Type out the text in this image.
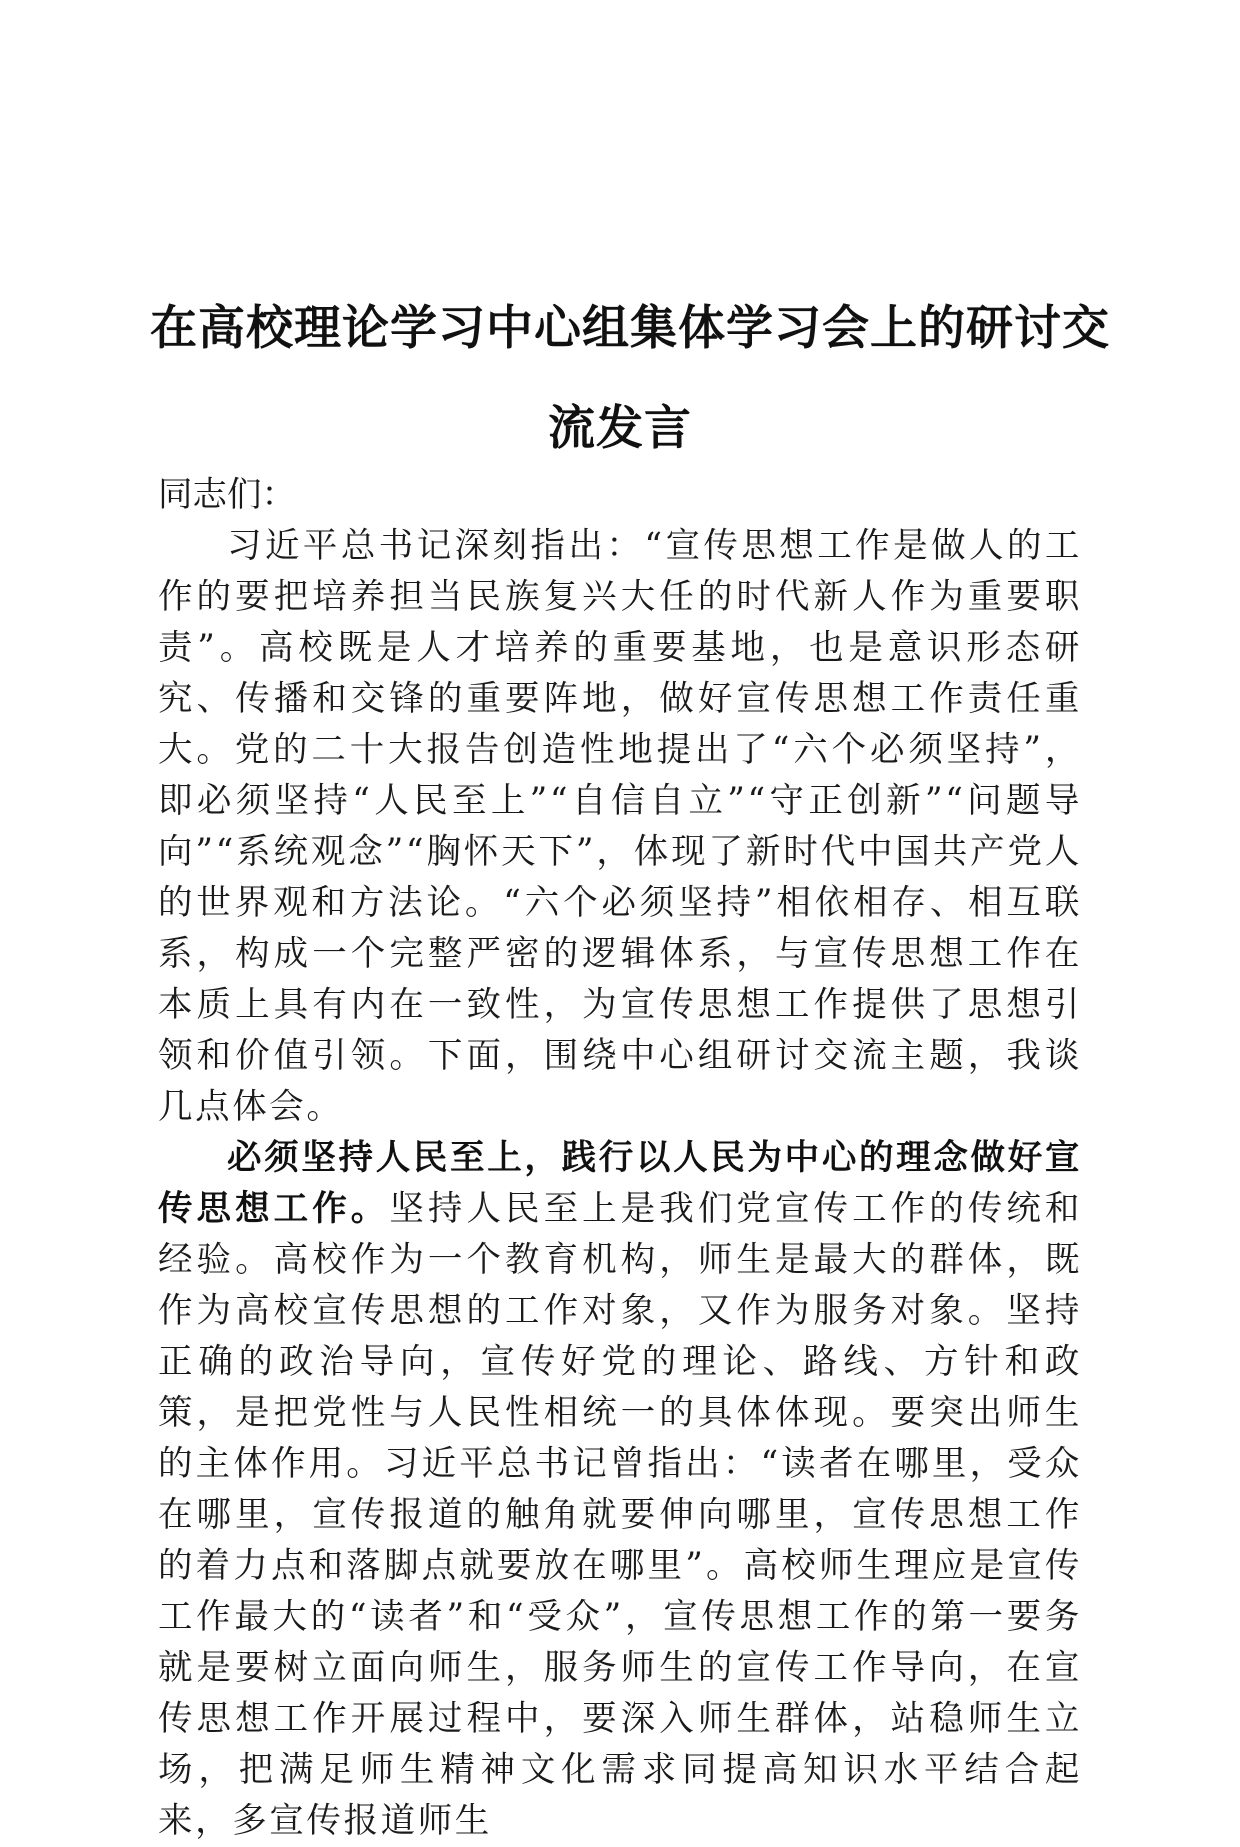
在高校理论学习中心组集体学习会上的研讨交
流发言

同志们：

习近平总书记深刻指出：“宣传思想工作是做人的工作的要把培养担当民族复兴大任的时代新人作为重要职责”。高校既是人才培养的重要基地，也是意识形态研究、传播和交锋的重要阵地，做好宣传思想工作责任重大。党的二十大报告创造性地提出了“六个必须坚持”，即必须坚持“人民至上”“自信自立”“守正创新”“问题导向”“系统观念”“胸怀天下”，体现了新时代中国共产党人的世界观和方法论。“六个必须坚持”相依相存、相互联系，构成一个完整严密的逻辑体系，与宣传思想工作在本质上具有内在一致性，为宣传思想工作提供了思想引领和价值引领。下面，围绕中心组研讨交流主题，我谈几点体会。

必须坚持人民至上，践行以人民为中心的理念做好宣传思想工作。坚持人民至上是我们党宣传工作的传统和经验。高校作为一个教育机构，师生是最大的群体，既作为高校宣传思想的工作对象，又作为服务对象。坚持正确的政治导向，宣传好党的理论、路线、方针和政策，是把党性与人民性相统一的具体体现。要突出师生的主体作用。习近平总书记曾指出：“读者在哪里，受众在哪里，宣传报道的触角就要伸向哪里，宣传思想工作的着力点和落脚点就要放在哪里”。高校师生理应是宣传工作最大的“读者”和“受众”，宣传思想工作的第一要务就是要树立面向师生，服务师生的宣传工作导向，在宣传思想工作开展过程中，要深入师生群体，站稳师生立场，把满足师生精神文化需求同提高知识水平结合起来，多宣传报道师生
